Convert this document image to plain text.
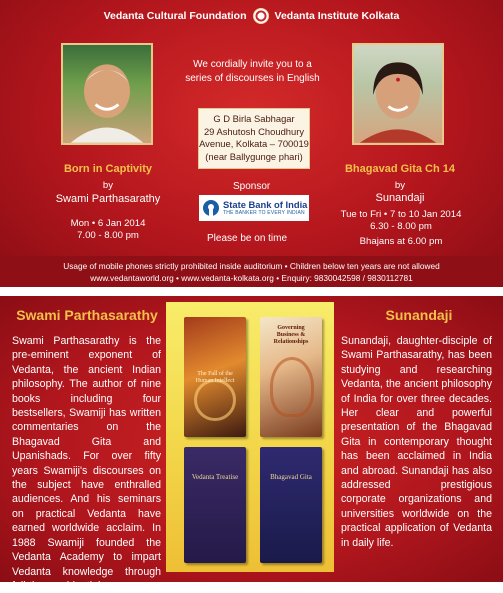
Vedanta Cultural Foundation	Vedanta Institute Kolkata
We cordially invite you to a
series of discourses in English
G D Birla Sabhagar
29 Ashutosh Choudhury
Avenue, Kolkata – 700019
(near Ballygunge phari)
Born in Captivity
by
Swami Parthasarathy
Mon • 6 Jan 2014
7.00 - 8.00 pm
Bhagavad Gita Ch 14
by
Sunandaji
Tue to Fri • 7 to 10 Jan 2014
6.30 - 8.00 pm
Bhajans at 6.00 pm
Sponsor
State Bank of India
THE BANKER TO EVERY INDIAN
Please be on time
Usage of mobile phones strictly prohibited inside auditorium • Children below ten years are not allowed
www.vedantaworld.org • www.vedanta-kolkata.org • Enquiry: 9830042598 / 9830112781
Swami Parthasarathy
Swami Parthasarathy is the pre-eminent exponent of Vedanta, the ancient Indian philosophy. The author of nine books including four bestsellers, Swamiji has written commentaries on the Bhagavad Gita and Upanishads. For over fifty years Swamiji's discourses on the subject have enthralled audiences. And his seminars on practical Vedanta have earned worldwide acclaim. In 1988 Swamiji founded the Vedanta Academy to impart Vedanta knowledge through full-time residential courses.
The Fall of the Human Intellect
Governing Business & Relationships
Vedanta Treatise	Bhagavad Gita
Sunandaji
Sunandaji, daughter-disciple of Swami Parthasarathy, has been studying and researching Vedanta, the ancient philosophy of India for over three decades. Her clear and powerful presentation of the Bhagavad Gita in contemporary thought has been acclaimed in India and abroad. Sunandaji has also addressed prestigious corporate organizations and universities worldwide on the practical application of Vedanta in daily life.
